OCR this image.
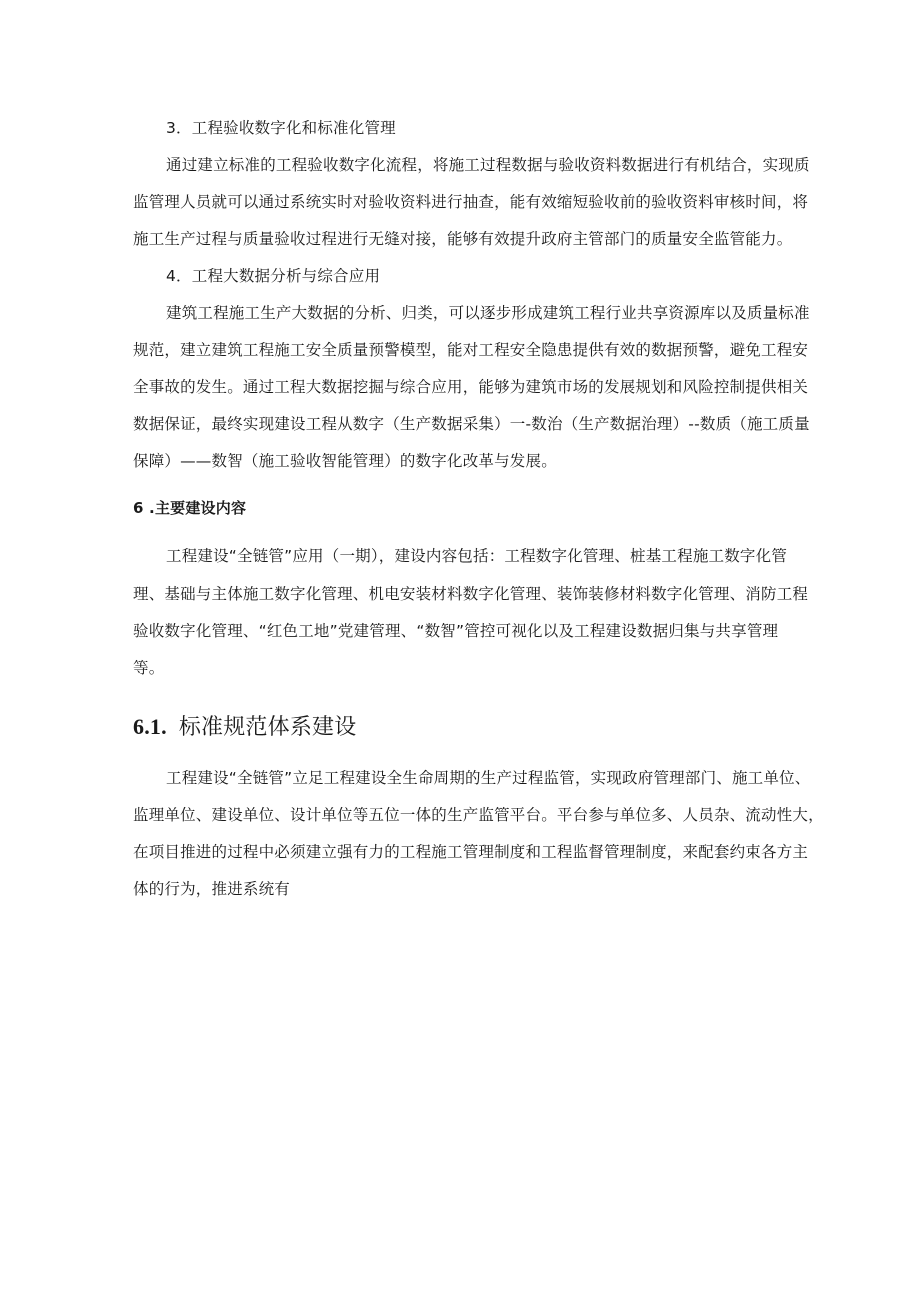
3．工程验收数字化和标准化管理
通过建立标准的工程验收数字化流程，将施工过程数据与验收资料数据进行有机结合，实现质
监管理人员就可以通过系统实时对验收资料进行抽查，能有效缩短验收前的验收资料审核时间，将
施工生产过程与质量验收过程进行无缝对接，能够有效提升政府主管部门的质量安全监管能力。
4．工程大数据分析与综合应用
建筑工程施工生产大数据的分析、归类，可以逐步形成建筑工程行业共享资源库以及质量标准
规范，建立建筑工程施工安全质量预警模型，能对工程安全隐患提供有效的数据预警，避免工程安
全事故的发生。通过工程大数据挖掘与综合应用，能够为建筑市场的发展规划和风险控制提供相关
数据保证，最终实现建设工程从数字（生产数据采集）一-数治（生产数据治理）--数质（施工质量
保障）——数智（施工验收智能管理）的数字化改革与发展。
6 .主要建设内容
工程建设“全链管”应用（一期），建设内容包括：工程数字化管理、桩基工程施工数字化管
理、基础与主体施工数字化管理、机电安装材料数字化管理、装饰装修材料数字化管理、消防工程
验收数字化管理、“红色工地”党建管理、“数智”管控可视化以及工程建设数据归集与共享管理
等。
6.1. 标准规范体系建设
工程建设“全链管”立足工程建设全生命周期的生产过程监管，实现政府管理部门、施工单位、
监理单位、建设单位、设计单位等五位一体的生产监管平台。平台参与单位多、人员杂、流动性大，
在项目推进的过程中必须建立强有力的工程施工管理制度和工程监督管理制度，来配套约束各方主
体的行为，推进系统有
